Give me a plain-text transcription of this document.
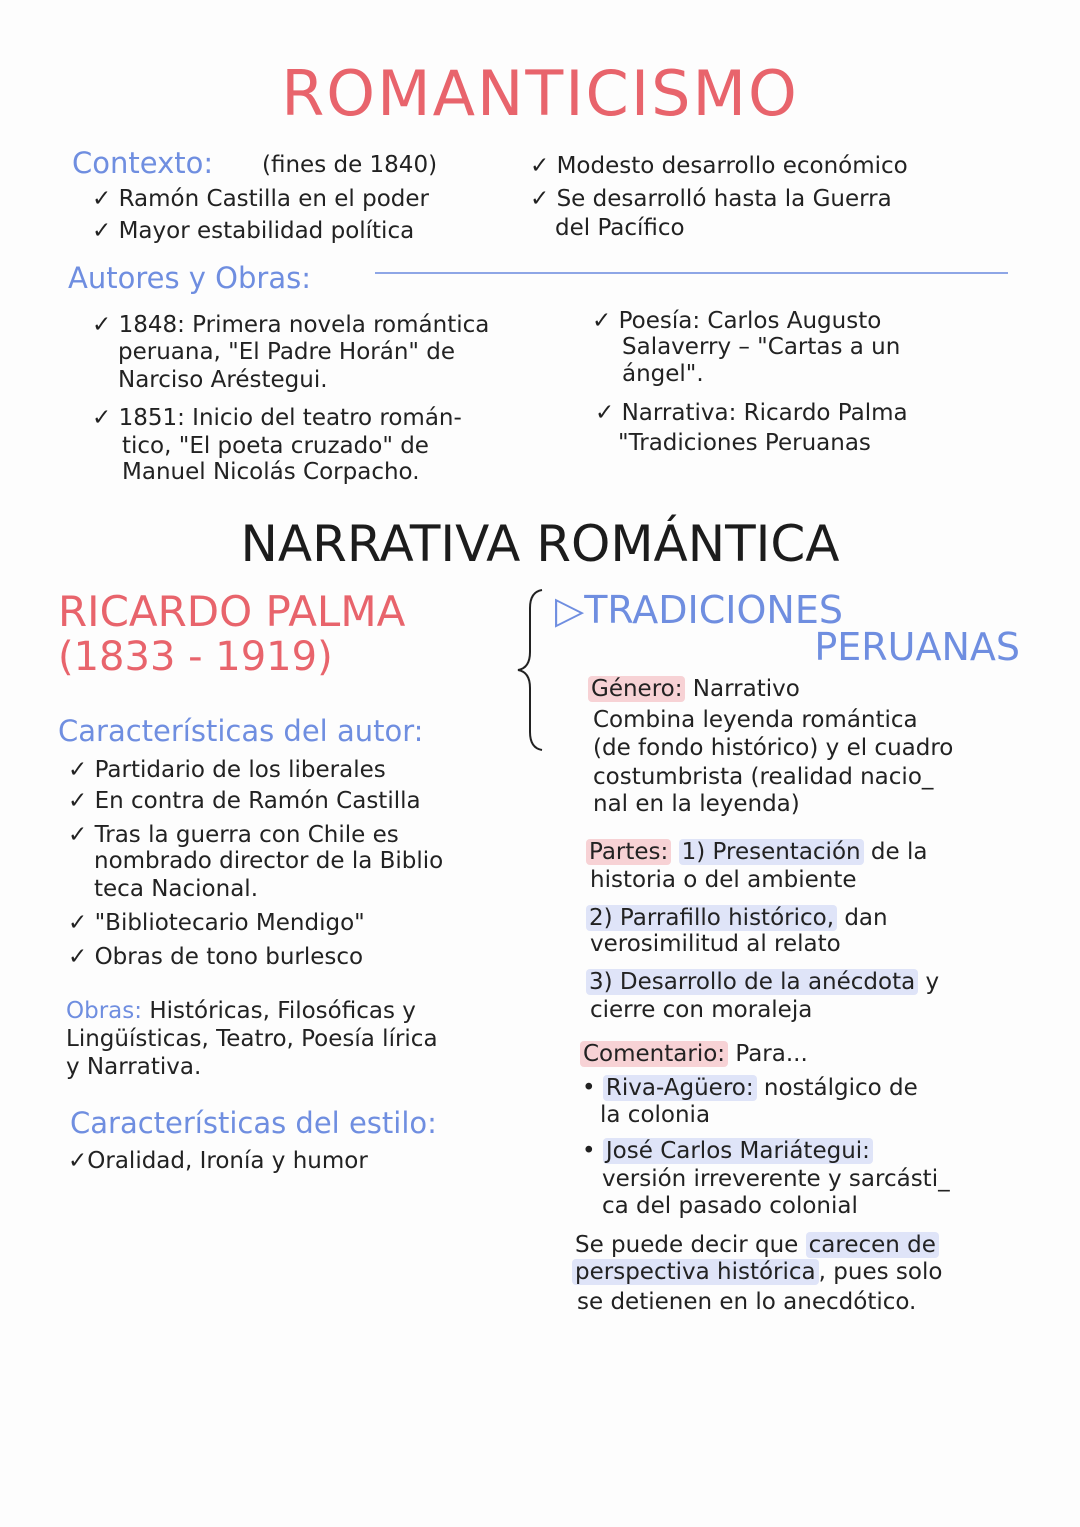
ROMANTICISMO
Contexto: (fines de 1840)
✓ Ramón Castilla en el poder
✓ Mayor estabilidad política
✓ Modesto desarrollo económico
✓ Se desarrolló hasta la Guerra
del Pacífico
Autores y Obras:
✓ 1848: Primera novela romántica
peruana, "El Padre Horán" de
Narciso Aréstegui.
✓ 1851: Inicio del teatro román-
tico, "El poeta cruzado" de
Manuel Nicolás Corpacho.
✓ Poesía: Carlos Augusto
Salaverry – "Cartas a un
ángel".
✓ Narrativa: Ricardo Palma
"Tradiciones Peruanas
NARRATIVA ROMÁNTICA
RICARDO PALMA
(1833 - 1919)
▷TRADICIONES
PERUANAS
Características del autor:
✓ Partidario de los liberales
✓ En contra de Ramón Castilla
✓ Tras la guerra con Chile es
nombrado director de la Biblio
teca Nacional.
✓ "Bibliotecario Mendigo"
✓ Obras de tono burlesco
Obras: Históricas, Filosóficas y
Lingüísticas, Teatro, Poesía lírica
y Narrativa.
Características del estilo:
✓Oralidad, Ironía y humor
Género: Narrativo
Combina leyenda romántica
(de fondo histórico) y el cuadro
costumbrista (realidad nacio_
nal en la leyenda)
Partes: 1) Presentación de la
historia o del ambiente
2) Parrafillo histórico, dan
verosimilitud al relato
3) Desarrollo de la anécdota y
cierre con moraleja
Comentario: Para...
• Riva-Agüero: nostálgico de
la colonia
• José Carlos Mariátegui:
versión irreverente y sarcásti_
ca del pasado colonial
Se puede decir que carecen de
perspectiva histórica , pues solo
se detienen en lo anecdótico.
